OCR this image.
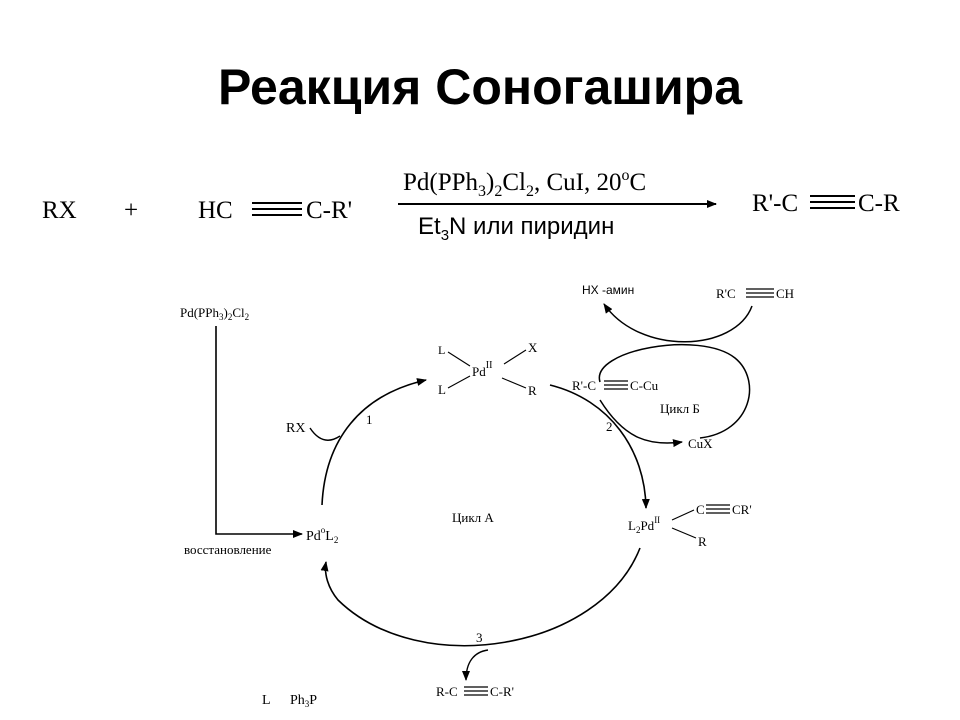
Реакция Соногашира
RX + HC	C-R'
$Pd(PPh_3)_2Cl_2$, CuI, 20$^o$C
$Et_3N$ или пиридин
R'-C C-R
$Pd(PPh_3)_2Cl_2$
восстановление
$Pd^oL_2$
RX
1
L
L
$Pd^{II}$
X
R
2
HX -амин	R'C	CH
R'-C	C-Cu
Цикл Б
CuX
Цикл А
$L_2Pd^{II}$
C CR'
R
3
R-C C-R'
L $Ph_3P$
